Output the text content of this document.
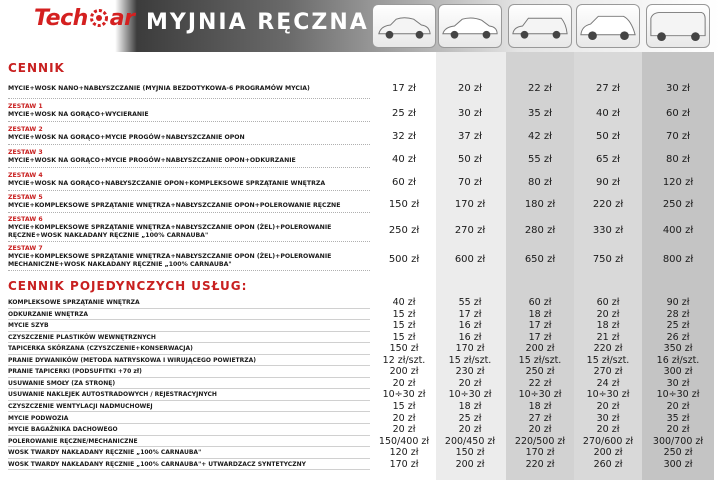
Tech ar MYJNIA RĘCZNA
CENNIK
MYCIE+WOSK NANO+NABŁYSZCZANIE (MYJNIA BEZDOTYKOWA-6 PROGRAMÓW MYCIA)	17 zł	20 zł	22 zł	27 zł	30 zł
ZESTAW 1
MYCIE+WOSK NA GORĄCO+WYCIERANIE	25 zł	30 zł	35 zł	40 zł	60 zł
ZESTAW 2
MYCIE+WOSK NA GORĄCO+MYCIE PROGÓW+NABŁYSZCZANIE OPON	32 zł	37 zł	42 zł	50 zł	70 zł
ZESTAW 3
MYCIE+WOSK NA GORĄCO+MYCIE PROGÓW+NABŁYSZCZANIE OPON+ODKURZANIE	40 zł	50 zł	55 zł	65 zł	80 zł
ZESTAW 4
MYCIE+WOSK NA GORĄCO+NABŁYSZCZANIE OPON+KOMPLEKSOWE SPRZĄTANIE WNĘTRZA	60 zł	70 zł	80 zł	90 zł	120 zł
ZESTAW 5
MYCIE+KOMPLEKSOWE SPRZĄTANIE WNĘTRZA+NABŁYSZCZANIE OPON+POLEROWANIE RĘCZNE	150 zł	170 zł	180 zł	220 zł	250 zł
ZESTAW 6
MYCIE+KOMPLEKSOWE SPRZĄTANIE WNĘTRZA+NABŁYSZCZANIE OPON (ŻEL)+POLEROWANIE
RĘCZNE+WOSK NAKŁADANY RĘCZNIE „100% CARNAUBA"	250 zł	270 zł	280 zł	330 zł	400 zł
ZESTAW 7
MYCIE+KOMPLEKSOWE SPRZĄTANIE WNĘTRZA+NABŁYSZCZANIE OPON (ŻEL)+POLEROWANIE
MECHANICZNE+WOSK NAKŁADANY RĘCZNIE „100% CARNAUBA"	500 zł	600 zł	650 zł	750 zł	800 zł
CENNIK POJEDYNCZYCH USŁUG:
KOMPLEKSOWE SPRZĄTANIE WNĘTRZA	40 zł	55 zł	60 zł	60 zł	90 zł
ODKURZANIE WNĘTRZA	15 zł	17 zł	18 zł	20 zł	28 zł
MYCIE SZYB	15 zł	16 zł	17 zł	18 zł	25 zł
CZYSZCZENIE PLASTIKÓW WEWNĘTRZNYCH	15 zł	16 zł	17 zł	21 zł	26 zł
TAPICERKA SKÓRZANA (CZYSZCZENIE+KONSERWACJA)	150 zł	170 zł	200 zł	220 zł	350 zł
PRANIE DYWANIKÓW (METODA NATRYSKOWA I WIRUJĄCEGO POWIETRZA)	12 zł/szt.	15 zł/szt.	15 zł/szt.	15 zł/szt.	16 zł/szt.
PRANIE TAPICERKI (PODSUFITKI +70 zł)	200 zł	230 zł	250 zł	270 zł	300 zł
USUWANIE SMOŁY (ZA STRONĘ)	20 zł	20 zł	22 zł	24 zł	30 zł
USUWANIE NAKLEJEK AUTOSTRADOWYCH / REJESTRACYJNYCH	10÷30 zł	10÷30 zł	10÷30 zł	10÷30 zł	10÷30 zł
CZYSZCZENIE WENTYLACJI NADMUCHOWEJ	15 zł	18 zł	18 zł	20 zł	20 zł
MYCIE PODWOZIA	20 zł	25 zł	27 zł	30 zł	35 zł
MYCIE BAGAŻNIKA DACHOWEGO	20 zł	20 zł	20 zł	20 zł	20 zł
POLEROWANIE RĘCZNE/MECHANICZNE	150/400 zł	200/450 zł	220/500 zł	270/600 zł	300/700 zł
WOSK TWARDY NAKŁADANY RĘCZNIE „100% CARNAUBA"	120 zł	150 zł	170 zł	200 zł	250 zł
WOSK TWARDY NAKŁADANY RĘCZNIE „100% CARNAUBA"+ UTWARDZACZ SYNTETYCZNY	170 zł	200 zł	220 zł	260 zł	300 zł
